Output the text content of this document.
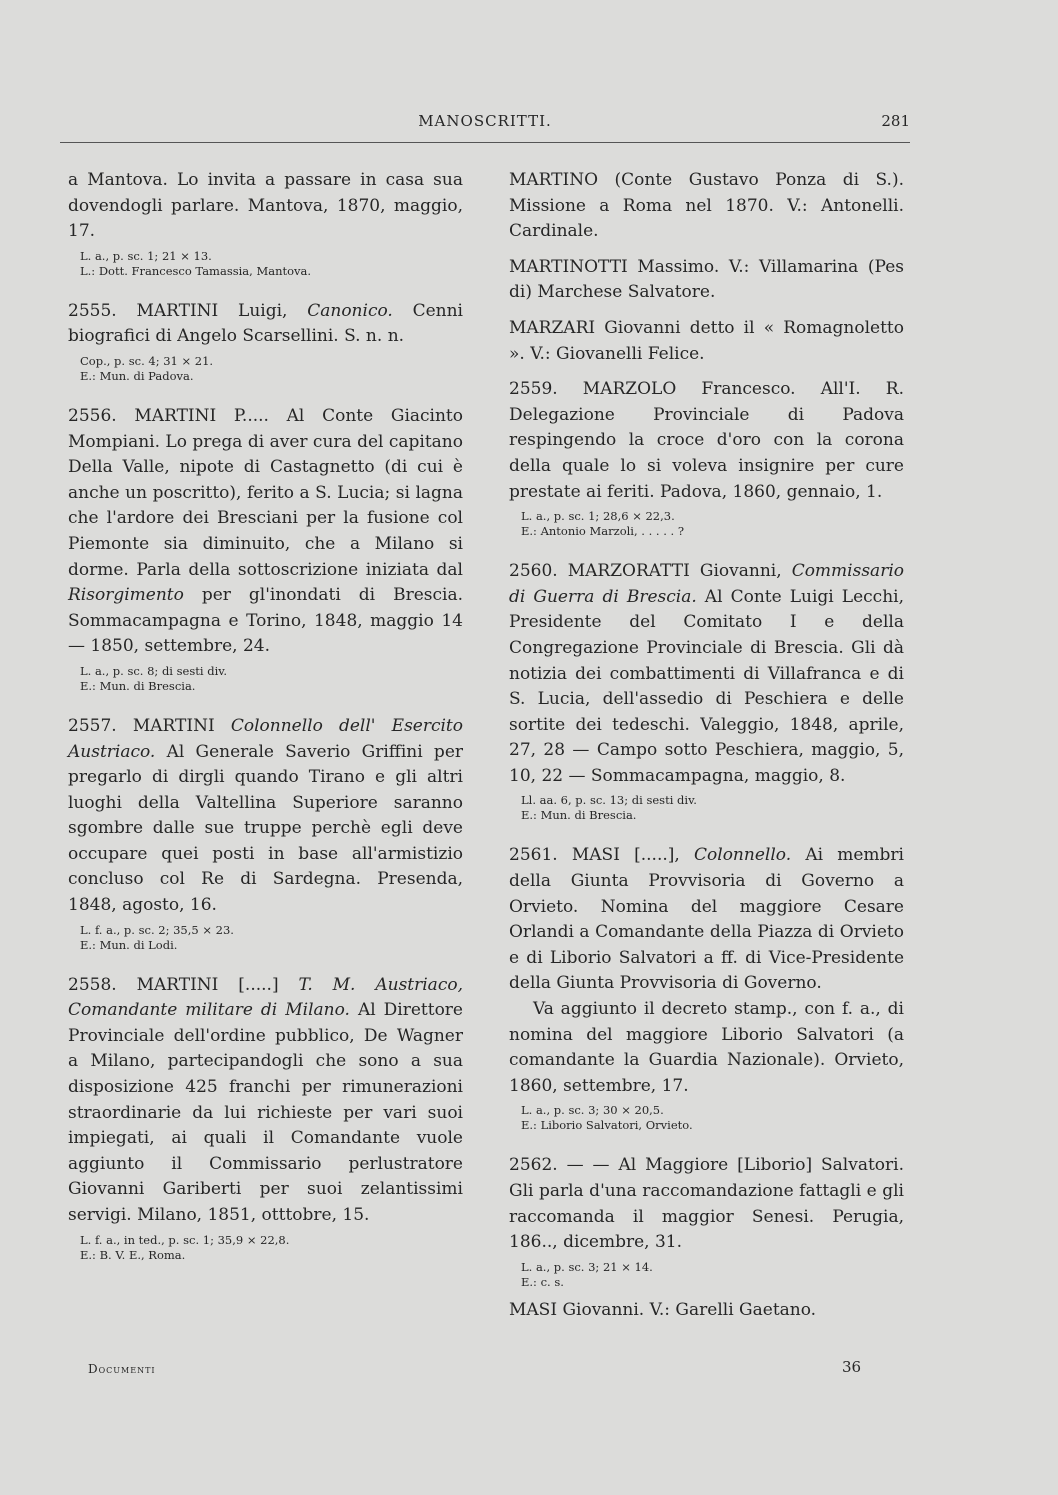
MANOSCRITTI.	281

a Mantova. Lo invita a passare in casa sua dovendogli parlare. Mantova, 1870, maggio, 17.

L. a., p. sc. 1; 21 × 13.
L.: Dott. Francesco Tamassia, Mantova.

2555. MARTINI Luigi, Canonico. Cenni biografici di Angelo Scarsellini. S. n. n.

Cop., p. sc. 4; 31 × 21.
E.: Mun. di Padova.

2556. MARTINI P..... Al Conte Giacinto Mompiani. Lo prega di aver cura del capitano Della Valle, nipote di Castagnetto (di cui è anche un poscritto), ferito a S. Lucia; si lagna che l'ardore dei Bresciani per la fusione col Piemonte sia diminuito, che a Milano si dorme. Parla della sottoscrizione iniziata dal Risorgimento per gl'inondati di Brescia. Sommacampagna e Torino, 1848, maggio 14 — 1850, settembre, 24.

L. a., p. sc. 8; di sesti div.
E.: Mun. di Brescia.

2557. MARTINI Colonnello dell' Esercito Austriaco. Al Generale Saverio Griffini per pregarlo di dirgli quando Tirano e gli altri luoghi della Valtellina Superiore saranno sgombre dalle sue truppe perchè egli deve occupare quei posti in base all'armistizio concluso col Re di Sardegna. Presenda, 1848, agosto, 16.

L. f. a., p. sc. 2; 35,5 × 23.
E.: Mun. di Lodi.

2558. MARTINI [.....] T. M. Austriaco, Comandante militare di Milano. Al Direttore Provinciale dell'ordine pubblico, De Wagner a Milano, partecipandogli che sono a sua disposizione 425 franchi per rimunerazioni straordinarie da lui richieste per vari suoi impiegati, ai quali il Comandante vuole aggiunto il Commissario perlustratore Giovanni Gariberti per suoi zelantissimi servigi. Milano, 1851, otttobre, 15.

L. f. a., in ted., p. sc. 1; 35,9 × 22,8.
E.: B. V. E., Roma.

MARTINO (Conte Gustavo Ponza di S.). Missione a Roma nel 1870. V.: Antonelli. Cardinale.

MARTINOTTI Massimo. V.: Villamarina (Pes di) Marchese Salvatore.

MARZARI Giovanni detto il « Romagnoletto ». V.: Giovanelli Felice.

2559. MARZOLO Francesco. All'I. R. Delegazione Provinciale di Padova respingendo la croce d'oro con la corona della quale lo si voleva insignire per cure prestate ai feriti. Padova, 1860, gennaio, 1.

L. a., p. sc. 1; 28,6 × 22,3.
E.: Antonio Marzoli, . . . . . ?

2560. MARZORATTI Giovanni, Commissario di Guerra di Brescia. Al Conte Luigi Lecchi, Presidente del Comitato I e della Congregazione Provinciale di Brescia. Gli dà notizia dei combattimenti di Villafranca e di S. Lucia, dell'assedio di Peschiera e delle sortite dei tedeschi. Valeggio, 1848, aprile, 27, 28 — Campo sotto Peschiera, maggio, 5, 10, 22 — Sommacampagna, maggio, 8.

Ll. aa. 6, p. sc. 13; di sesti div.
E.: Mun. di Brescia.

2561. MASI [.....], Colonnello. Ai membri della Giunta Provvisoria di Governo a Orvieto. Nomina del maggiore Cesare Orlandi a Comandante della Piazza di Orvieto e di Liborio Salvatori a ff. di Vice-Presidente della Giunta Provvisoria di Governo.

Va aggiunto il decreto stamp., con f. a., di nomina del maggiore Liborio Salvatori (a comandante la Guardia Nazionale). Orvieto, 1860, settembre, 17.

L. a., p. sc. 3; 30 × 20,5.
E.: Liborio Salvatori, Orvieto.

2562. — — Al Maggiore [Liborio] Salvatori. Gli parla d'una raccomandazione fattagli e gli raccomanda il maggior Senesi. Perugia, 186.., dicembre, 31.

L. a., p. sc. 3; 21 × 14.
E.: c. s.

MASI Giovanni. V.: Garelli Gaetano.

Documenti	36
